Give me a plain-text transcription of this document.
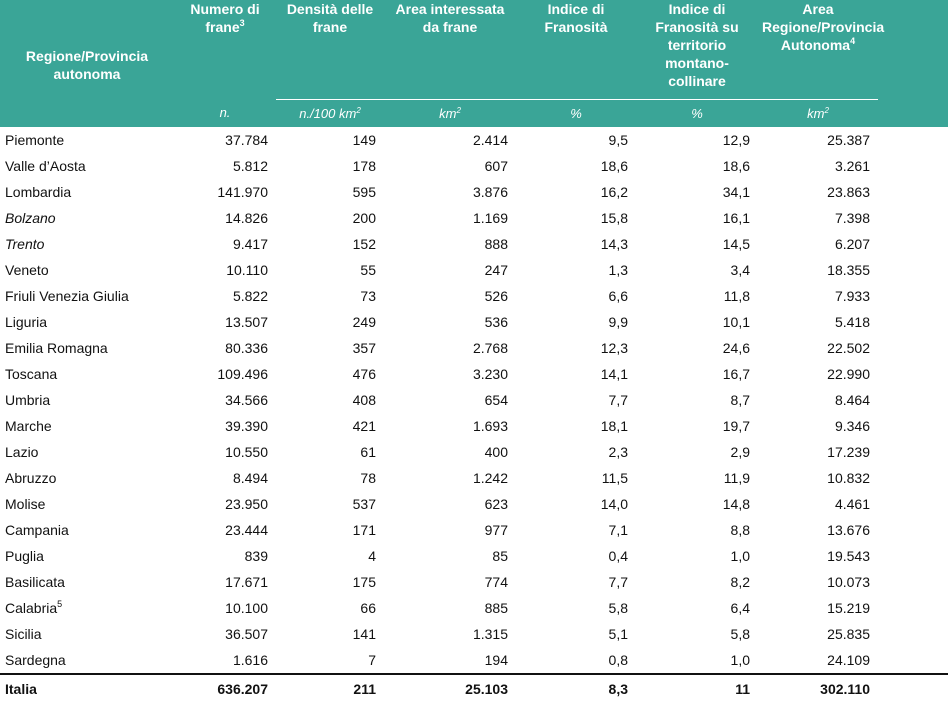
Regione/Provincia autonoma	Numero di frane$^3$	Densità delle frane	Area interessata da frane	Indice di Franosità	Indice di Franosità su territorio montano-collinare	Area Regione/Provincia Autonoma$^4$	
	n.	n./100 $km^2$	$km^2$	%	%	$km^2$
Piemonte	37.784	149	2.414	9,5	12,9	25.387	
Valle d’Aosta	5.812	178	607	18,6	18,6	3.261	
Lombardia	141.970	595	3.876	16,2	34,1	23.863	
Bolzano	14.826	200	1.169	15,8	16,1	7.398	
Trento	9.417	152	888	14,3	14,5	6.207	
Veneto	10.110	55	247	1,3	3,4	18.355	
Friuli Venezia Giulia	5.822	73	526	6,6	11,8	7.933	
Liguria	13.507	249	536	9,9	10,1	5.418	
Emilia Romagna	80.336	357	2.768	12,3	24,6	22.502	
Toscana	109.496	476	3.230	14,1	16,7	22.990	
Umbria	34.566	408	654	7,7	8,7	8.464	
Marche	39.390	421	1.693	18,1	19,7	9.346	
Lazio	10.550	61	400	2,3	2,9	17.239	
Abruzzo	8.494	78	1.242	11,5	11,9	10.832	
Molise	23.950	537	623	14,0	14,8	4.461	
Campania	23.444	171	977	7,1	8,8	13.676	
Puglia	839	4	85	0,4	1,0	19.543	
Basilicata	17.671	175	774	7,7	8,2	10.073	
Calabria$^5$	10.100	66	885	5,8	6,4	15.219	
Sicilia	36.507	141	1.315	5,1	5,8	25.835	
Sardegna	1.616	7	194	0,8	1,0	24.109	
Italia	636.207	211	25.103	8,3	11	302.110	
